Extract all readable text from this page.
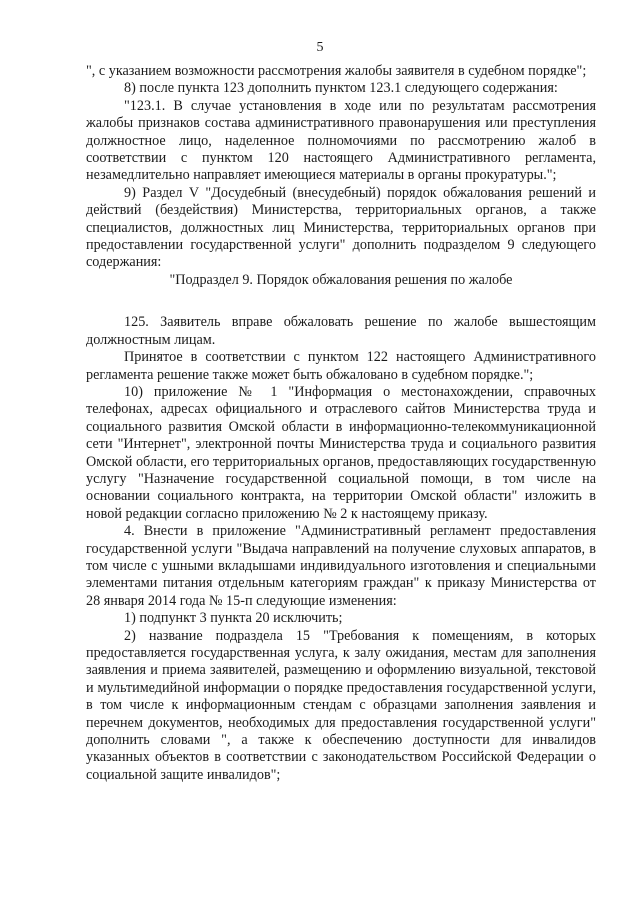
5

", с указанием возможности рассмотрения жалобы заявителя в судебном порядке";

8) после пункта 123 дополнить пунктом 123.1 следующего содержания:

"123.1. В случае установления в ходе или по результатам рассмотрения жалобы признаков состава административного правонарушения или преступления должностное лицо, наделенное полномочиями по рассмотрению жалоб в соответствии с пунктом 120 настоящего Административного регламента, незамедлительно направляет имеющиеся материалы в органы прокуратуры.";

9) Раздел V "Досудебный (внесудебный) порядок обжалования решений и действий (бездействия) Министерства, территориальных органов, а также специалистов, должностных лиц Министерства, территориальных органов при предоставлении государственной услуги" дополнить подразделом 9 следующего содержания:

"Подраздел 9. Порядок обжалования решения по жалобе

125. Заявитель вправе обжаловать решение по жалобе вышестоящим должностным лицам.

Принятое в соответствии с пунктом 122 настоящего Административного регламента решение также может быть обжаловано в судебном порядке.";

10) приложение № 1 "Информация о местонахождении, справочных телефонах, адресах официального и отраслевого сайтов Министерства труда и социального развития Омской области в информационно-телекоммуникационной сети "Интернет", электронной почты Министерства труда и социального развития Омской области, его территориальных органов, предоставляющих государственную услугу "Назначение государственной социальной помощи, в том числе на основании социального контракта, на территории Омской области" изложить в новой редакции согласно приложению № 2 к настоящему приказу.

4. Внести в приложение "Административный регламент предоставления государственной услуги "Выдача направлений на получение слуховых аппаратов, в том числе с ушными вкладышами индивидуального изготовления и специальными элементами питания отдельным категориям граждан" к приказу Министерства от 28 января 2014 года № 15-п следующие изменения:

1) подпункт 3 пункта 20 исключить;

2) название подраздела 15 "Требования к помещениям, в которых предоставляется государственная услуга, к залу ожидания, местам для заполнения заявления и приема заявителей, размещению и оформлению визуальной, текстовой и мультимедийной информации о порядке предоставления государственной услуги, в том числе к информационным стендам с образцами заполнения заявления и перечнем документов, необходимых для предоставления государственной услуги" дополнить словами ", а также к обеспечению доступности для инвалидов указанных объектов в соответствии с законодательством Российской Федерации о социальной защите инвалидов";
